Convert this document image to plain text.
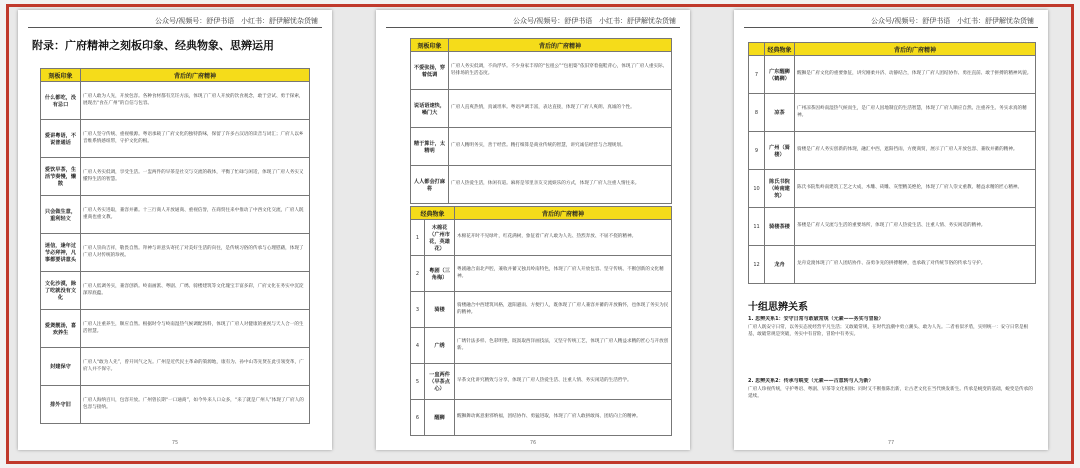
公众号/视频号：舒伊书语 小红书：舒伊解忧杂货铺
附录：广府精神之刻板印象、经典物象、思辨运用
刻板印象	背后的广府精神
什么都吃，没有忌口	广府人敢为人先，开放包容。各种食材都有烹饪方法，体现了广府人开放的饮食观念，敢于尝试、勇于探索，展现出“食在广州”的自信与包容。
爱讲粤语，不说普通话	广府人坚守传统、重视根源。粤语承载了广府文化的独特韵味，保留了许多古汉语的读音与词汇；广府人以乡音维系情感纽带，守护文化的根。
爱饮早茶，生活节奏慢，懒散	广府人务实低调，享受生活。一盅两件的早茶是社交与交流的载体，平衡了忙碌与闲适，体现了广府人务实又懂得生活的智慧。
只会做生意，重利轻文	广府人务实进取，兼容并蓄。十三行商人开放通商、重视信誉，在商贸往来中推动了中西文化交流，广府人既重商也重文教。
迷信，逢年过节必拜神，凡事都要讲意头	广府人崇尚吉祥，敬畏自然。拜神与讲意头寄托了对美好生活的向往，是传统习俗的传承与心理慰藉，体现了广府人对传统的珍视。
文化沙漠，除了吃就没有文化	广府人低调务实，兼容创新。岭南画派、粤剧、广绣、骑楼建筑等文化瑰宝丰富多彩，广府文化在务实中沉淀深厚底蕴。
爱煲靓汤，喜欢养生	广府人注重养生，顺应自然。根据时令与岭南湿热气候调配汤料，体现了广府人对健康的重视与天人合一的生活智慧。
封建保守	广府人“敢为人先”，曾开风气之先。广州是近代民主革命的策源地，康有为、孙中山等先贤在此引领变革，广府人并不保守。
排外守旧	广府人海纳百川，包容开放。广州曾长期“一口通商”，如今外来人口众多，“来了就是广州人”体现了广府人的包容与接纳。
75
公众号/视频号：舒伊书语 小红书：舒伊解忧杂货铺
刻板印象	背后的广府精神
不爱张扬，穿着低调	广府人务实低调，不尚浮华。不少身家丰厚的“包租公”“包租婆”依旧穿着拖鞋背心，体现了广府人重实际、轻排场的生活态度。
说话语速快，嗓门大	广府人直爽热情，真诚坦率。粤语声调丰富，表达直接，体现了广府人爽朗、真诚的个性。
精于算计，太精明	广府人精明务实，善于经营。精打细算是商业传统的智慧，讲究诚信经营与合理规划。
人人都会打麻将	广府人热爱生活，休闲有道。麻将是邻里亲友交流娱乐的方式，体现了广府人注重人情往来。
经典物象		背后的广府精神
1	木棉花（广州市花，英雄花）	木棉花开时不见绿叶，红花满树，象征着广府人敢为人先、热烈奔放、不屈不挠的精神。
2	粤剧（三角梅）	粤剧融合南北声腔，兼收并蓄又独具岭南特色，体现了广府人开放包容、坚守传统、不断创新的文化精神。
3	骑楼	骑楼融合中西建筑风格，遮阳避雨、方便行人，既体现了广府人兼容并蓄的开放胸怀，也体现了务实为民的精神。
4	广绣	广绣针法多样、色彩明艳，既汲取西洋画技法，又坚守传统工艺，体现了广府人精益求精的匠心与开放创新。
5	一盅两件（早茶点心）	早茶文化讲究精致与分享，体现了广府人热爱生活、注重人情、务实闲适的生活哲学。
6	醒狮	醒狮舞动寓意驱邪纳福，团结协作、勇猛进取，体现了广府人敢拼敢闯、团结向上的精神。
76
公众号/视频号：舒伊书语 小红书：舒伊解忧杂货铺
	经典物象	背后的广府精神
7	广东醒狮（鹤狮）	醒狮是广府文化的重要象征，讲究刚柔并济、动静结合，体现了广府人团结协作、勇往直前、敢于拼搏的精神风貌。
8	凉茶	广州凉茶因岭南湿热气候而生，是广府人因地制宜的生活智慧，体现了广府人顺应自然、注重养生、务实求真的精神。
9	广州（骑楼）	骑楼是广府人务实创新的体现，融汇中西，遮阳挡雨，方便商贸，展示了广府人开放包容、兼收并蓄的精神。
10	陈氏书院（岭南建筑）	陈氏书院集岭南建筑工艺之大成，木雕、砖雕、灰塑精美绝伦，体现了广府人崇文重教、精益求精的匠心精神。
11	骑楼茶楼	茶楼是广府人交流与生活的重要场所，体现了广府人热爱生活、注重人情、务实闲适的精神。
12	龙舟	龙舟竞渡体现了广府人团结协作、奋勇争先的拼搏精神，也承载了对传统节俗的传承与守护。
十组思辨关系
1. 思辨关系1：安守日常与敢破常规（元素——务实与冒险）
广府人既安守日常，以务实态度经营平凡生活；又敢破常规，在时代浪潮中勇立潮头、敢为人先。二者看似矛盾，实则统一：安守日常是根基，敢破常规是突破，务实中有冒险，冒险中有务实。
2. 思辨关系2：传承与蜕变（元素——古意转与人为新）
广府人珍视传统，守护粤语、粤剧、早茶等文化根脉；同时又不断推陈出新，让古老文化在当代焕发新生。传承是蜕变的基础，蜕变是传承的延续。
77
